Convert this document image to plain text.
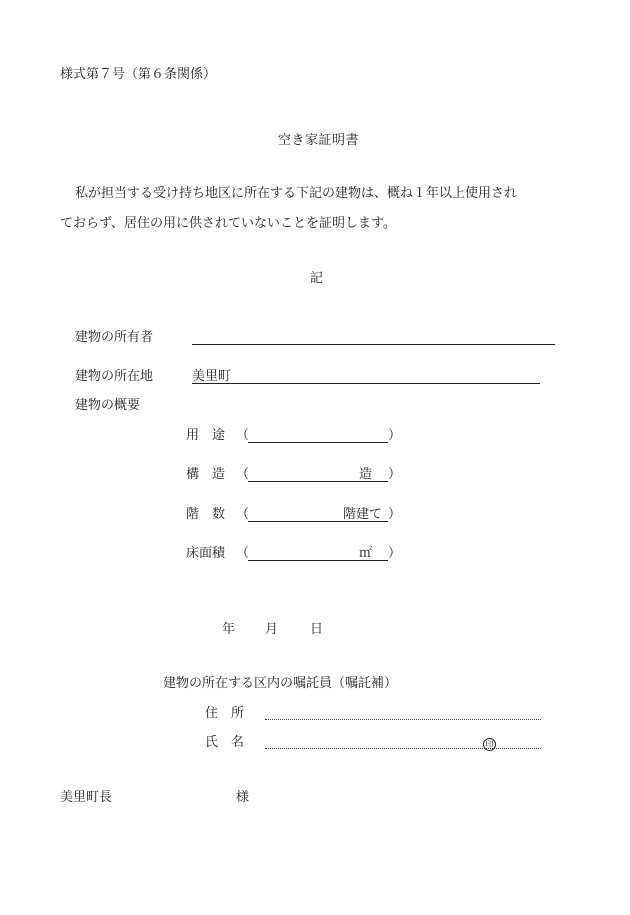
様式第７号（第６条関係）
空き家証明書
私が担当する受け持ち地区に所在する下記の建物は、概ね１年以上使用され
ておらず、居住の用に供されていないことを証明します。
記
建物の所有者
建物の所在地	美里町
建物の概要
用　途 （	）
構　造 （	造 ）
階　数 （	階建て ）
床面積 （	㎡ ）
年 月 日
建物の所在する区内の嘱託員（嘱託補）
住　所
氏　名	印
美里町長	様
